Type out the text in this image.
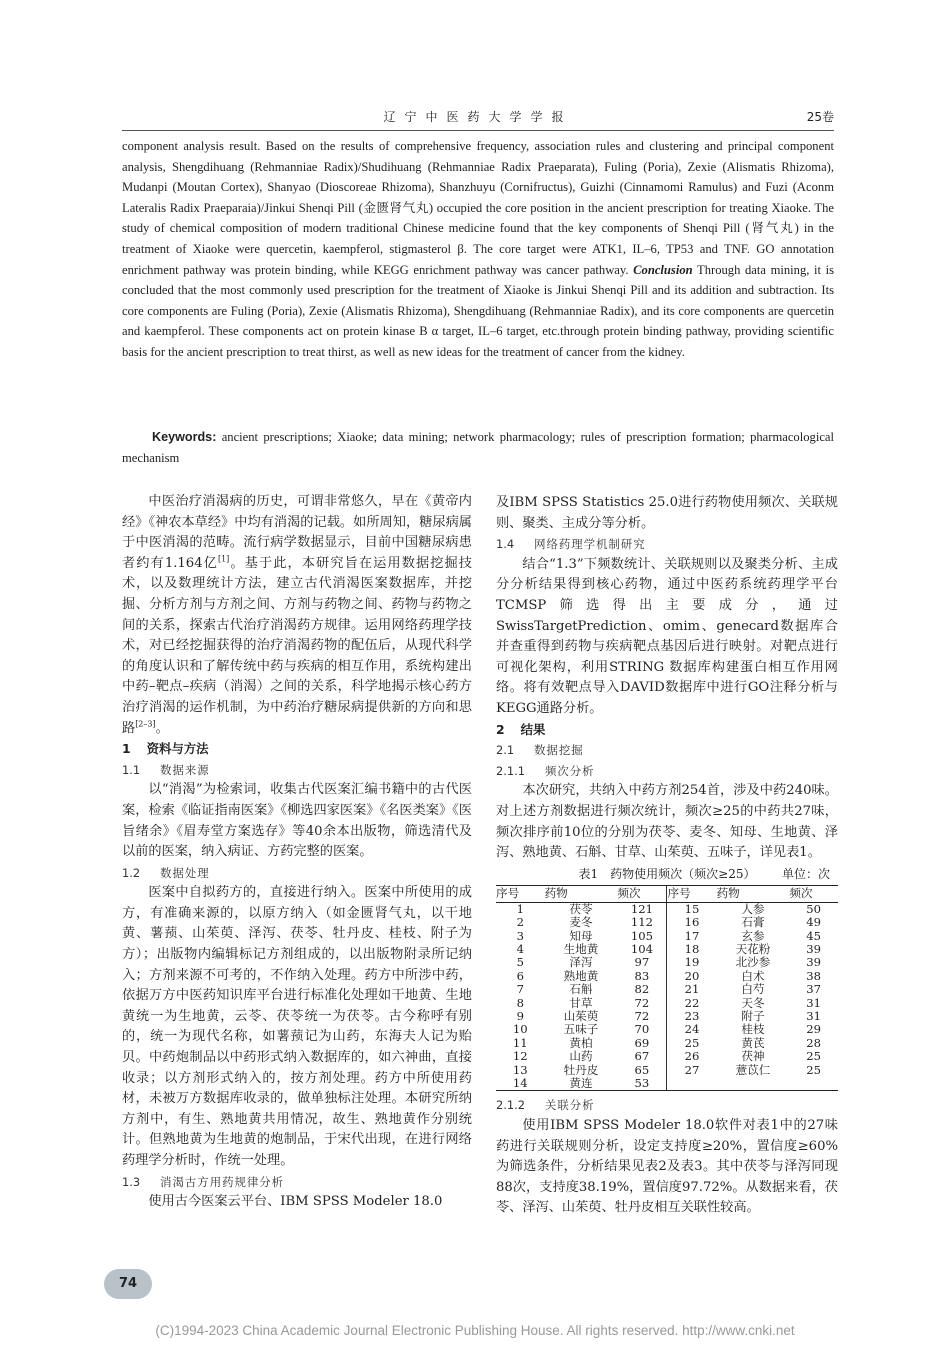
辽宁中医药大学学报	25卷
component analysis result. Based on the results of comprehensive frequency, association rules and clustering and principal component analysis, Shengdihuang (Rehmanniae Radix)/Shudihuang (Rehmanniae Radix Praeparata), Fuling (Poria), Zexie (Alismatis Rhizoma), Mudanpi (Moutan Cortex), Shanyao (Dioscoreae Rhizoma), Shanzhuyu (Cornifructus), Guizhi (Cinnamomi Ramulus) and Fuzi (Aconm Lateralis Radix Praeparaia)/Jinkui Shenqi Pill (金匮肾气丸) occupied the core position in the ancient prescription for treating Xiaoke. The study of chemical composition of modern traditional Chinese medicine found that the key components of Shenqi Pill (肾气丸) in the treatment of Xiaoke were quercetin, kaempferol, stigmasterol β. The core target were ATK1, IL–6, TP53 and TNF. GO annotation enrichment pathway was protein binding, while KEGG enrichment pathway was cancer pathway. Conclusion Through data mining, it is concluded that the most commonly used prescription for the treatment of Xiaoke is Jinkui Shenqi Pill and its addition and subtraction. Its core components are Fuling (Poria), Zexie (Alismatis Rhizoma), Shengdihuang (Rehmanniae Radix), and its core components are quercetin and kaempferol. These components act on protein kinase B α target, IL–6 target, etc.through protein binding pathway, providing scientific basis for the ancient prescription to treat thirst, as well as new ideas for the treatment of cancer from the kidney.
Keywords: ancient prescriptions; Xiaoke; data mining; network pharmacology; rules of prescription formation; pharmacological mechanism

中医治疗消渴病的历史，可谓非常悠久，早在《黄帝内经》《神农本草经》中均有消渴的记载。如所周知，糖尿病属于中医消渴的范畴。流行病学数据显示，目前中国糖尿病患者约有1.164亿[1]。基于此，本研究旨在运用数据挖掘技术，以及数理统计方法，建立古代消渴医案数据库，并挖掘、分析方剂与方剂之间、方剂与药物之间、药物与药物之间的关系，探索古代治疗消渴药方规律。运用网络药理学技术，对已经挖掘获得的治疗消渴药物的配伍后，从现代科学的角度认识和了解传统中药与疾病的相互作用，系统构建出中药–靶点–疾病（消渴）之间的关系，科学地揭示核心药方治疗消渴的运作机制，为中药治疗糖尿病提供新的方向和思路[2–3]。

1 资料与方法
1.1 数据来源

以“消渴”为检索词，收集古代医案汇编书籍中的古代医案，检索《临证指南医案》《柳选四家医案》《名医类案》《医旨绪余》《眉寿堂方案选存》等40余本出版物，筛选清代及以前的医案，纳入病证、方药完整的医案。

1.2 数据处理

医案中自拟药方的，直接进行纳入。医案中所使用的成方，有准确来源的，以原方纳入（如金匮肾气丸，以干地黄、薯蓣、山茱萸、泽泻、茯苓、牡丹皮、桂枝、附子为方）；出版物内编辑标记方剂组成的，以出版物附录所记纳入；方剂来源不可考的，不作纳入处理。药方中所涉中药，依据万方中医药知识库平台进行标准化处理如干地黄、生地黄统一为生地黄，云苓、茯苓统一为茯苓。古今称呼有别的，统一为现代名称，如薯蓣记为山药，东海夫人记为贻贝。中药炮制品以中药形式纳入数据库的，如六神曲，直接收录；以方剂形式纳入的，按方剂处理。药方中所使用药材，未被万方数据库收录的，做单独标注处理。本研究所纳方剂中，有生、熟地黄共用情况，故生、熟地黄作分别统计。但熟地黄为生地黄的炮制品，于宋代出现，在进行网络药理学分析时，作统一处理。

1.3 消渴古方用药规律分析

使用古今医案云平台、IBM SPSS Modeler 18.0

及IBM SPSS Statistics 25.0进行药物使用频次、关联规则、聚类、主成分等分析。

1.4 网络药理学机制研究

结合“1.3”下频数统计、关联规则以及聚类分析、主成分分析结果得到核心药物，通过中医药系统药理学平台TCMSP筛选得出主要成分，通过SwissTargetPrediction、omim、genecard数据库合并查重得到药物与疾病靶点基因后进行映射。对靶点进行可视化架构，利用STRING 数据库构建蛋白相互作用网络。将有效靶点导入DAVID数据库中进行GO注释分析与KEGG通路分析。

2 结果
2.1 数据挖掘
2.1.1 频次分析

本次研究，共纳入中药方剂254首，涉及中药240味。对上述方剂数据进行频次统计，频次≥25的中药共27味，频次排序前10位的分别为茯苓、麦冬、知母、生地黄、泽泻、熟地黄、石斛、甘草、山茱萸、五味子，详见表1。

表1　药物使用频次（频次≥25） 单位：次
序号	药物	频次	序号	药物	频次
1	茯苓	121	15	人参	50
2	麦冬	112	16	石膏	49
3	知母	105	17	玄参	45
4	生地黄	104	18	天花粉	39
5	泽泻	97	19	北沙参	39
6	熟地黄	83	20	白术	38
7	石斛	82	21	白芍	37
8	甘草	72	22	天冬	31
9	山茱萸	72	23	附子	31
10	五味子	70	24	桂枝	29
11	黄柏	69	25	黄芪	28
12	山药	67	26	茯神	25
13	牡丹皮	65	27	薏苡仁	25
14	黄连	53			
2.1.2 关联分析

使用IBM SPSS Modeler 18.0软件对表1中的27味药进行关联规则分析，设定支持度≥20%，置信度≥60%为筛选条件，分析结果见表2及表3。其中茯苓与泽泻同现88次，支持度38.19%，置信度97.72%。从数据来看，茯苓、泽泻、山茱萸、牡丹皮相互关联性较高。

74
(C)1994-2023 China Academic Journal Electronic Publishing House. All rights reserved. http://www.cnki.net
